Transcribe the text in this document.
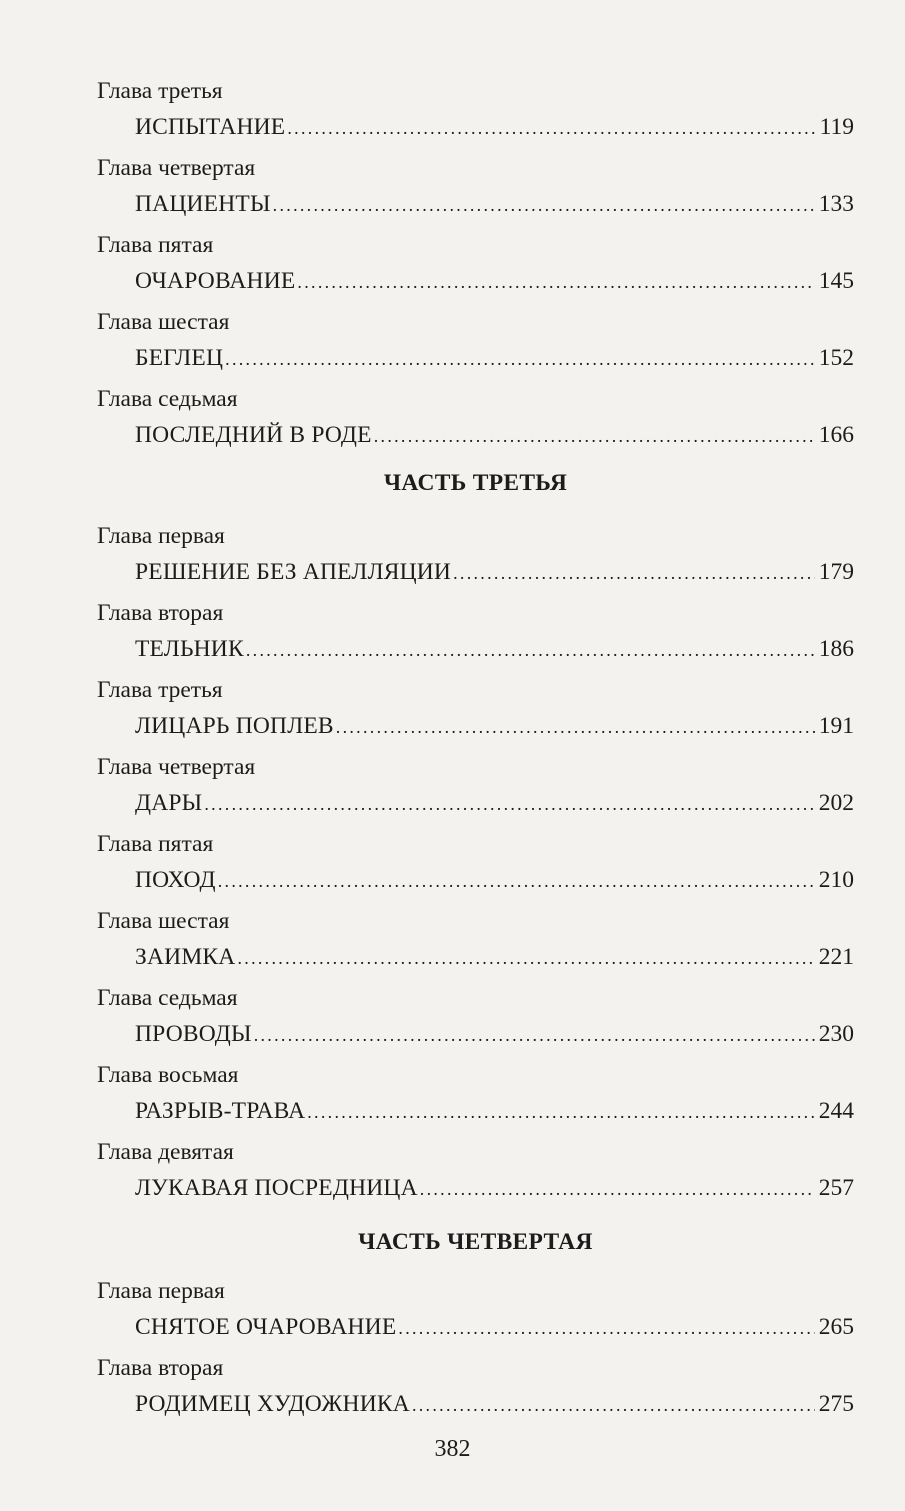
Глава третья
ИСПЫТАНИЕ .....	119
Глава четвертая
ПАЦИЕНТЫ .....	133
Глава пятая
ОЧАРОВАНИЕ .....	145
Глава шестая
БЕГЛЕЦ .....	152
Глава седьмая
ПОСЛЕДНИЙ В РОДЕ .....	166
ЧАСТЬ ТРЕТЬЯ
Глава первая
РЕШЕНИЕ БЕЗ АПЕЛЛЯЦИИ .....	179
Глава вторая
ТЕЛЬНИК .....	186
Глава третья
ЛИЦАРЬ ПОПЛЕВ .....	191
Глава четвертая
ДАРЫ .....	202
Глава пятая
ПОХОД .....	210
Глава шестая
ЗАИМКА .....	221
Глава седьмая
ПРОВОДЫ .....	230
Глава восьмая
РАЗРЫВ-ТРАВА .....	244
Глава девятая
ЛУКАВАЯ ПОСРЕДНИЦА .....	257
ЧАСТЬ ЧЕТВЕРТАЯ
Глава первая
СНЯТОЕ ОЧАРОВАНИЕ .....	265
Глава вторая
РОДИМЕЦ ХУДОЖНИКА .....	275
382
